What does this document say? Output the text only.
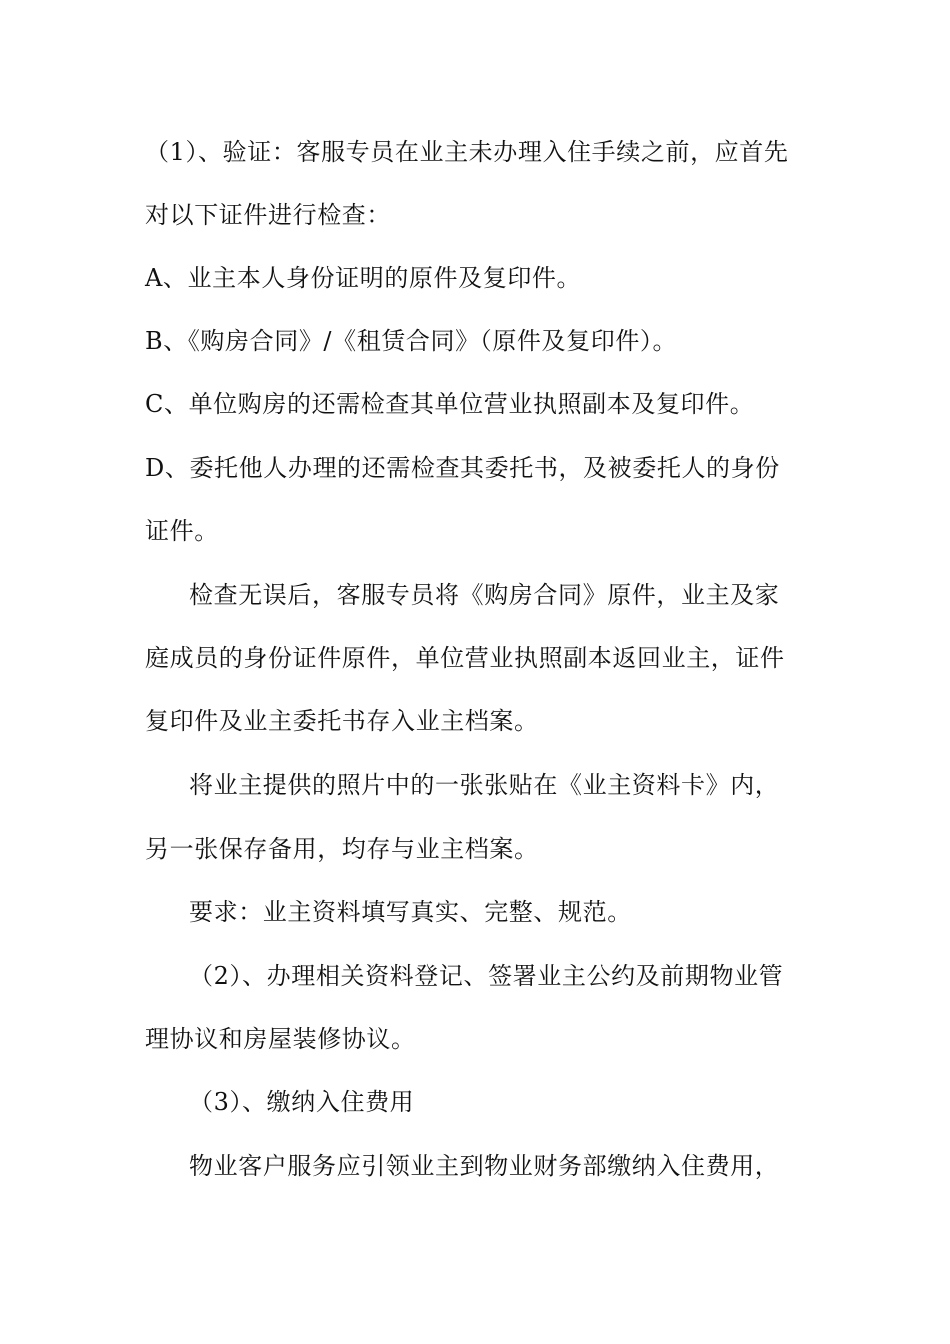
（1）、验证：客服专员在业主未办理入住手续之前，应首先
对以下证件进行检查：
A、业主本人身份证明的原件及复印件。
B、《购房合同》/《租赁合同》（原件及复印件）。
C、单位购房的还需检查其单位营业执照副本及复印件。
D、委托他人办理的还需检查其委托书，及被委托人的身份
证件。
检查无误后，客服专员将《购房合同》原件，业主及家
庭成员的身份证件原件，单位营业执照副本返回业主，证件
复印件及业主委托书存入业主档案。
将业主提供的照片中的一张张贴在《业主资料卡》内，
另一张保存备用，均存与业主档案。
要求：业主资料填写真实、完整、规范。
（2）、办理相关资料登记、签署业主公约及前期物业管
理协议和房屋装修协议。
（3）、缴纳入住费用
物业客户服务应引领业主到物业财务部缴纳入住费用，
